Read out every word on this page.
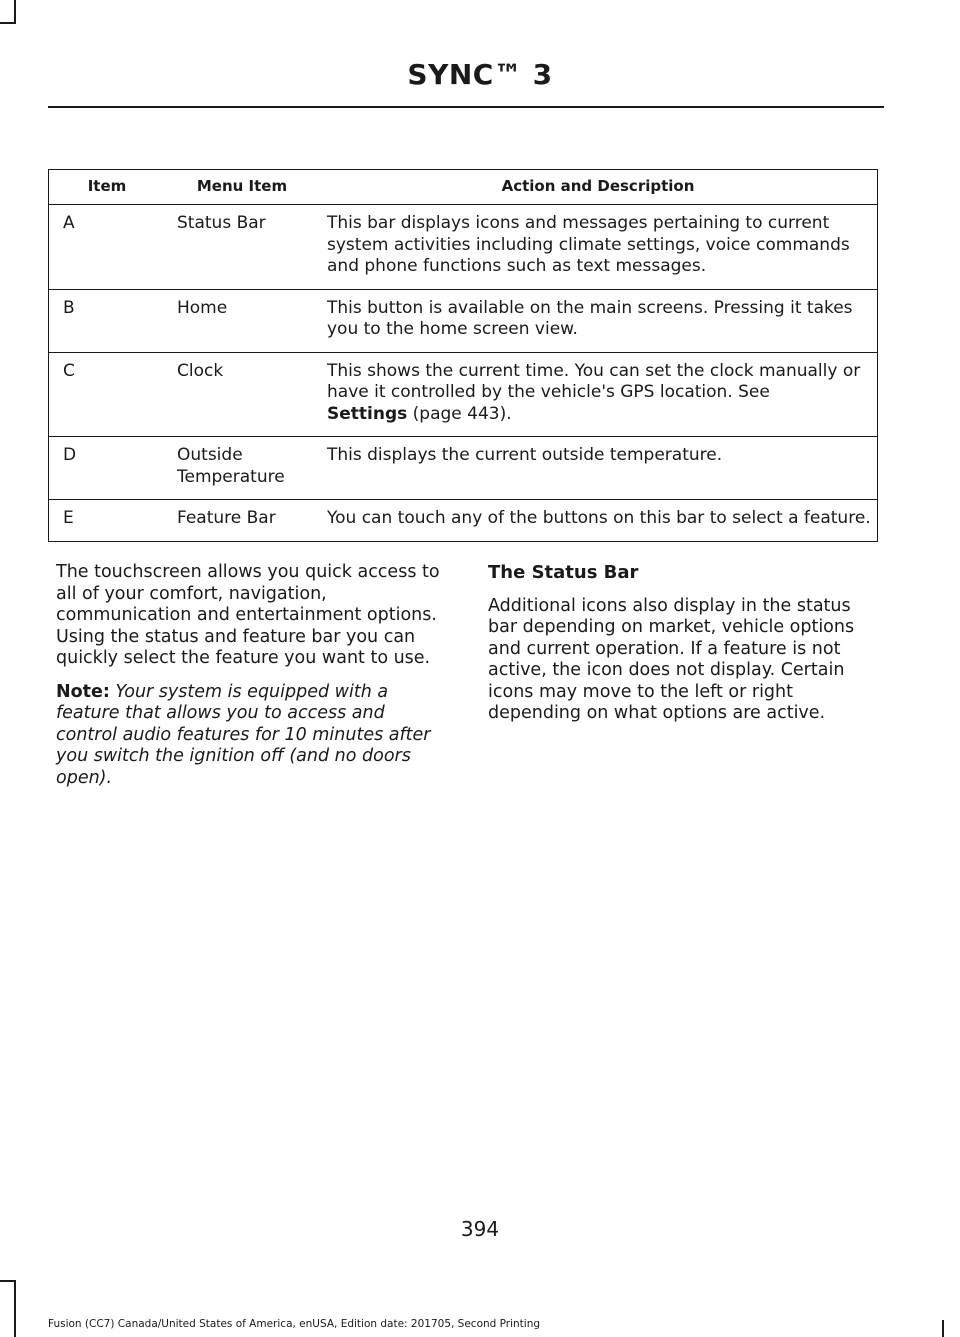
SYNC™ 3
Item	Menu Item	Action and Description
A	Status Bar	This bar displays icons and messages pertaining to current system activities including climate settings, voice commands and phone functions such as text messages.
B	Home	This button is available on the main screens. Pressing it takes you to the home screen view.
C	Clock	This shows the current time. You can set the clock manually or have it controlled by the vehicle's GPS location. See
Settings (page 443).
D	Outside Temperature	This displays the current outside temperature.
E	Feature Bar	You can touch any of the buttons on this bar to select a feature.

The touchscreen allows you quick access to all of your comfort, navigation, communication and entertainment options. Using the status and feature bar you can quickly select the feature you want to use.

Note: Your system is equipped with a feature that allows you to access and control audio features for 10 minutes after you switch the ignition off (and no doors open).

The Status Bar

Additional icons also display in the status bar depending on market, vehicle options and current operation. If a feature is not active, the icon does not display. Certain icons may move to the left or right depending on what options are active.

394
Fusion (CC7) Canada/United States of America, enUSA, Edition date: 201705, Second Printing
